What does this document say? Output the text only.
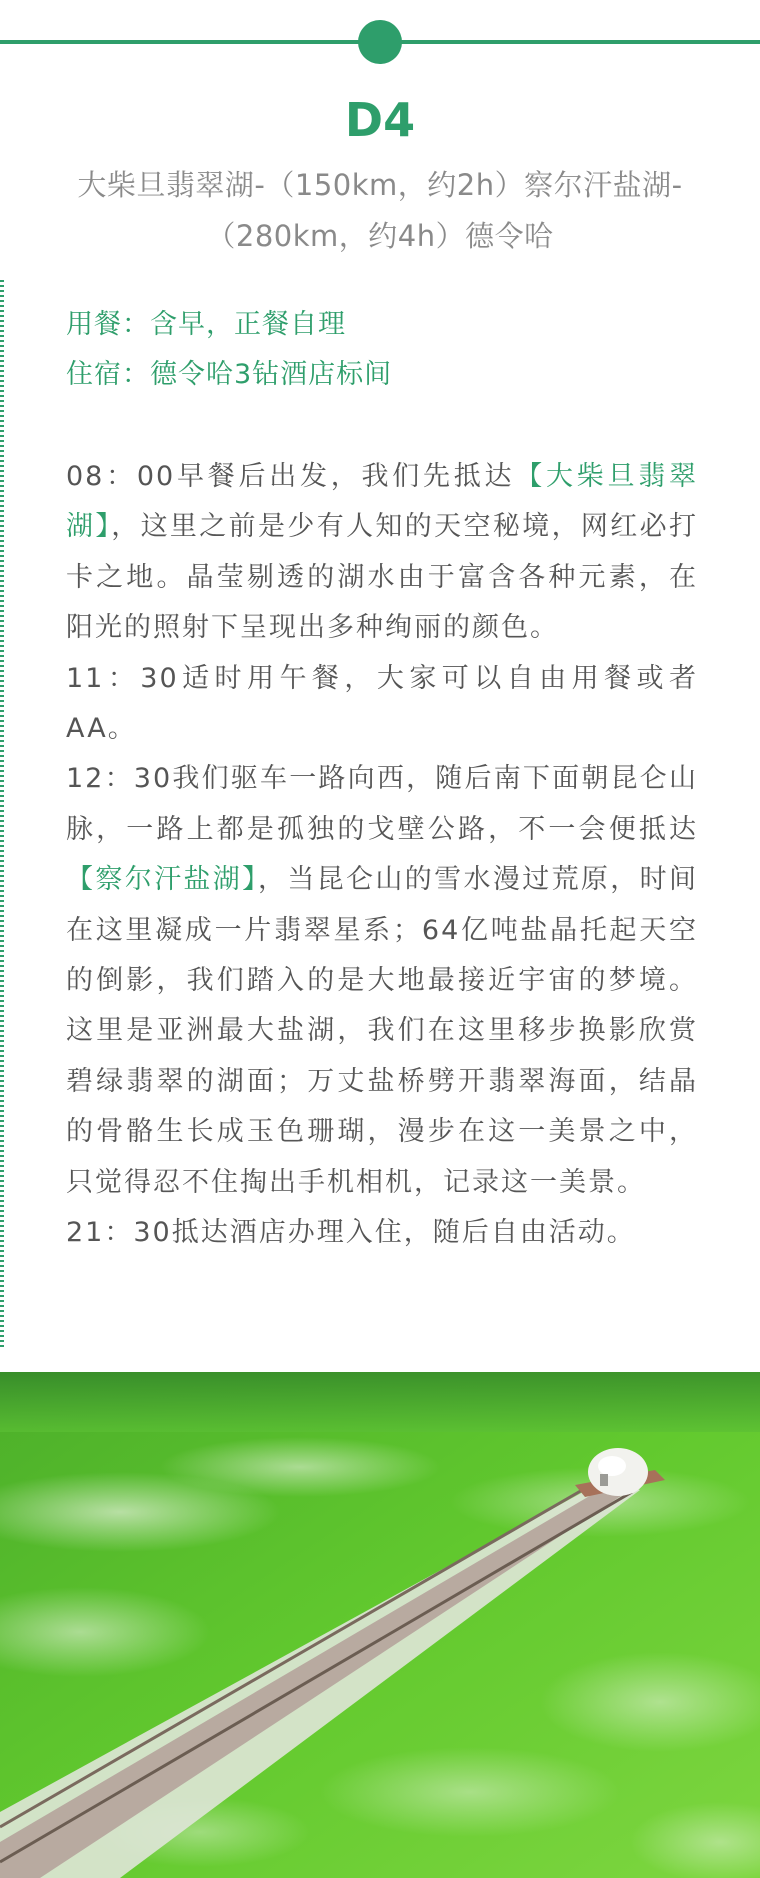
D4
大柴旦翡翠湖-（150km，约2h）察尔汗盐湖-（280km，约4h）德令哈
用餐：含早，正餐自理
住宿：德令哈3钻酒店标间

08：00早餐后出发，我们先抵达【大柴旦翡翠湖】，这里之前是少有人知的天空秘境，网红必打卡之地。晶莹剔透的湖水由于富含各种元素，在阳光的照射下呈现出多种绚丽的颜色。

11：30适时用午餐，大家可以自由用餐或者AA。

12：30我们驱车一路向西，随后南下面朝昆仑山脉，一路上都是孤独的戈壁公路，不一会便抵达【察尔汗盐湖】，当昆仑山的雪水漫过荒原，时间在这里凝成一片翡翠星系；64亿吨盐晶托起天空的倒影，我们踏入的是大地最接近宇宙的梦境。这里是亚洲最大盐湖，我们在这里移步换影欣赏碧绿翡翠的湖面；万丈盐桥劈开翡翠海面，结晶的骨骼生长成玉色珊瑚，漫步在这一美景之中，只觉得忍不住掏出手机相机，记录这一美景。

21：30抵达酒店办理入住，随后自由活动。
